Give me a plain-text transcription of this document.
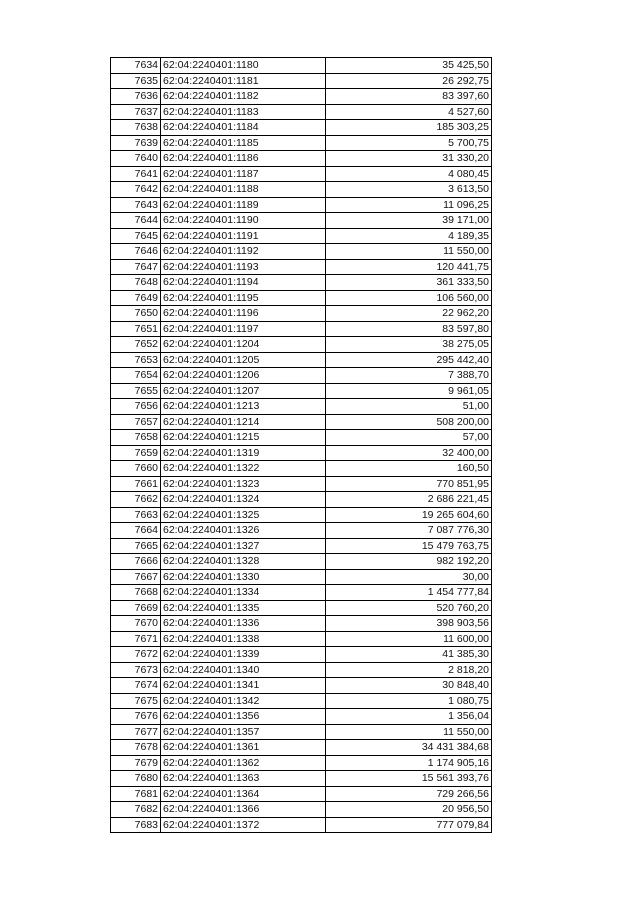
7634	62:04:2240401:1180	35 425,50
7635	62:04:2240401:1181	26 292,75
7636	62:04:2240401:1182	83 397,60
7637	62:04:2240401:1183	4 527,60
7638	62:04:2240401:1184	185 303,25
7639	62:04:2240401:1185	5 700,75
7640	62:04:2240401:1186	31 330,20
7641	62:04:2240401:1187	4 080,45
7642	62:04:2240401:1188	3 613,50
7643	62:04:2240401:1189	11 096,25
7644	62:04:2240401:1190	39 171,00
7645	62:04:2240401:1191	4 189,35
7646	62:04:2240401:1192	11 550,00
7647	62:04:2240401:1193	120 441,75
7648	62:04:2240401:1194	361 333,50
7649	62:04:2240401:1195	106 560,00
7650	62:04:2240401:1196	22 962,20
7651	62:04:2240401:1197	83 597,80
7652	62:04:2240401:1204	38 275,05
7653	62:04:2240401:1205	295 442,40
7654	62:04:2240401:1206	7 388,70
7655	62:04:2240401:1207	9 961,05
7656	62:04:2240401:1213	51,00
7657	62:04:2240401:1214	508 200,00
7658	62:04:2240401:1215	57,00
7659	62:04:2240401:1319	32 400,00
7660	62:04:2240401:1322	160,50
7661	62:04:2240401:1323	770 851,95
7662	62:04:2240401:1324	2 686 221,45
7663	62:04:2240401:1325	19 265 604,60
7664	62:04:2240401:1326	7 087 776,30
7665	62:04:2240401:1327	15 479 763,75
7666	62:04:2240401:1328	982 192,20
7667	62:04:2240401:1330	30,00
7668	62:04:2240401:1334	1 454 777,84
7669	62:04:2240401:1335	520 760,20
7670	62:04:2240401:1336	398 903,56
7671	62:04:2240401:1338	11 600,00
7672	62:04:2240401:1339	41 385,30
7673	62:04:2240401:1340	2 818,20
7674	62:04:2240401:1341	30 848,40
7675	62:04:2240401:1342	1 080,75
7676	62:04:2240401:1356	1 356,04
7677	62:04:2240401:1357	11 550,00
7678	62:04:2240401:1361	34 431 384,68
7679	62:04:2240401:1362	1 174 905,16
7680	62:04:2240401:1363	15 561 393,76
7681	62:04:2240401:1364	729 266,56
7682	62:04:2240401:1366	20 956,50
7683	62:04:2240401:1372	777 079,84
